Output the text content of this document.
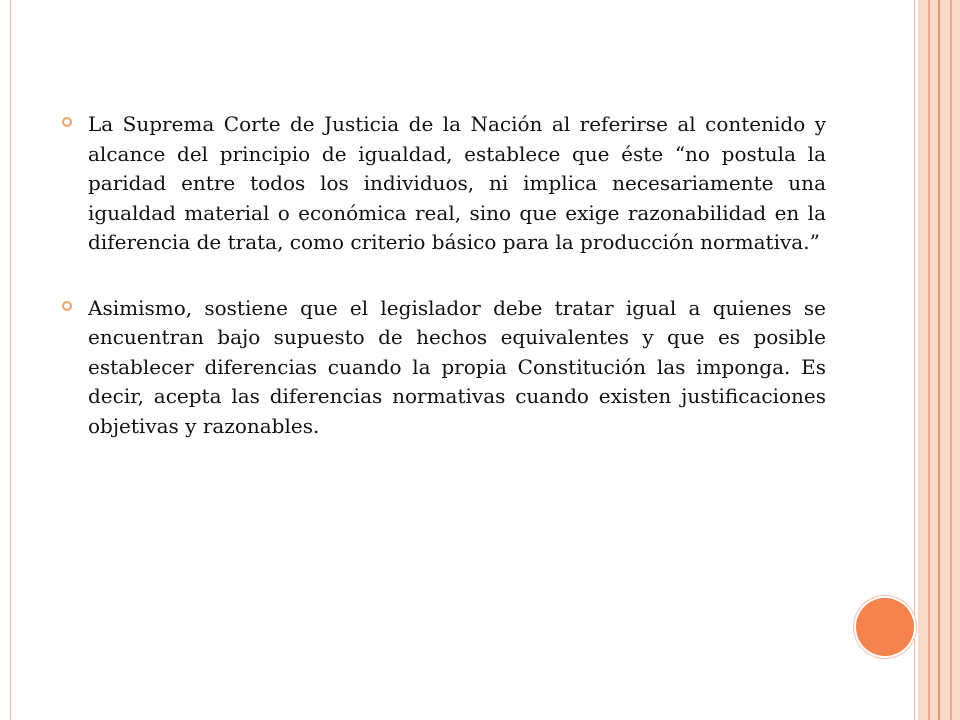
La Suprema Corte de Justicia de la Nación al referirse al contenido y alcance del principio de igualdad, establece que éste “no postula la paridad entre todos los individuos, ni implica necesariamente una igualdad material o económica real, sino que exige razonabilidad en la diferencia de trata, como criterio básico para la producción normativa.”
Asimismo, sostiene que el legislador debe tratar igual a quienes se encuentran bajo supuesto de hechos equivalentes y que es posible establecer diferencias cuando la propia Constitución las imponga. Es decir, acepta las diferencias normativas cuando existen justificaciones objetivas y razonables.
